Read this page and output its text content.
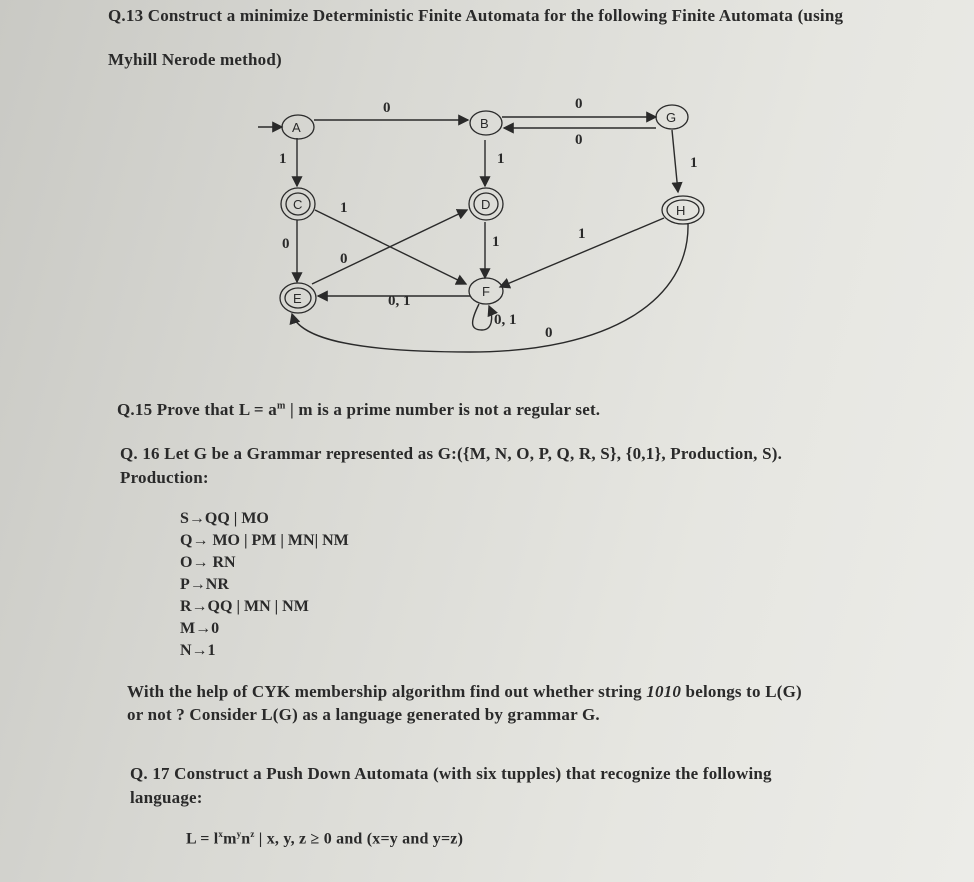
Q.13 Construct a minimize Deterministic Finite Automata for the following Finite Automata (using
Myhill Nerode method)
A	B	G
C	D	H
E	F
0	0
0
1	1	1
1
0
0
1	1
0, 1
0, 1
0
Q.15 Prove that $L = a^m$ | m is a prime number is not a regular set.
Q. 16 Let G be a Grammar represented as G:({M, N, O, P, Q, R, S}, {0,1}, Production, S).
Production:
S→QQ | MO
Q→ MO | PM | MN| NM
O→ RN
P→NR
R→QQ | MN | NM
M→0
N→1
With the help of CYK membership algorithm find out whether string 1010 belongs to L(G)
or not ? Consider L(G) as a language generated by grammar G.
Q. 17 Construct a Push Down Automata (with six tupples) that recognize the following
language:
$L = l^xm^yn^z$ | x, y, z ≥ 0 and (x=y and y=z)
